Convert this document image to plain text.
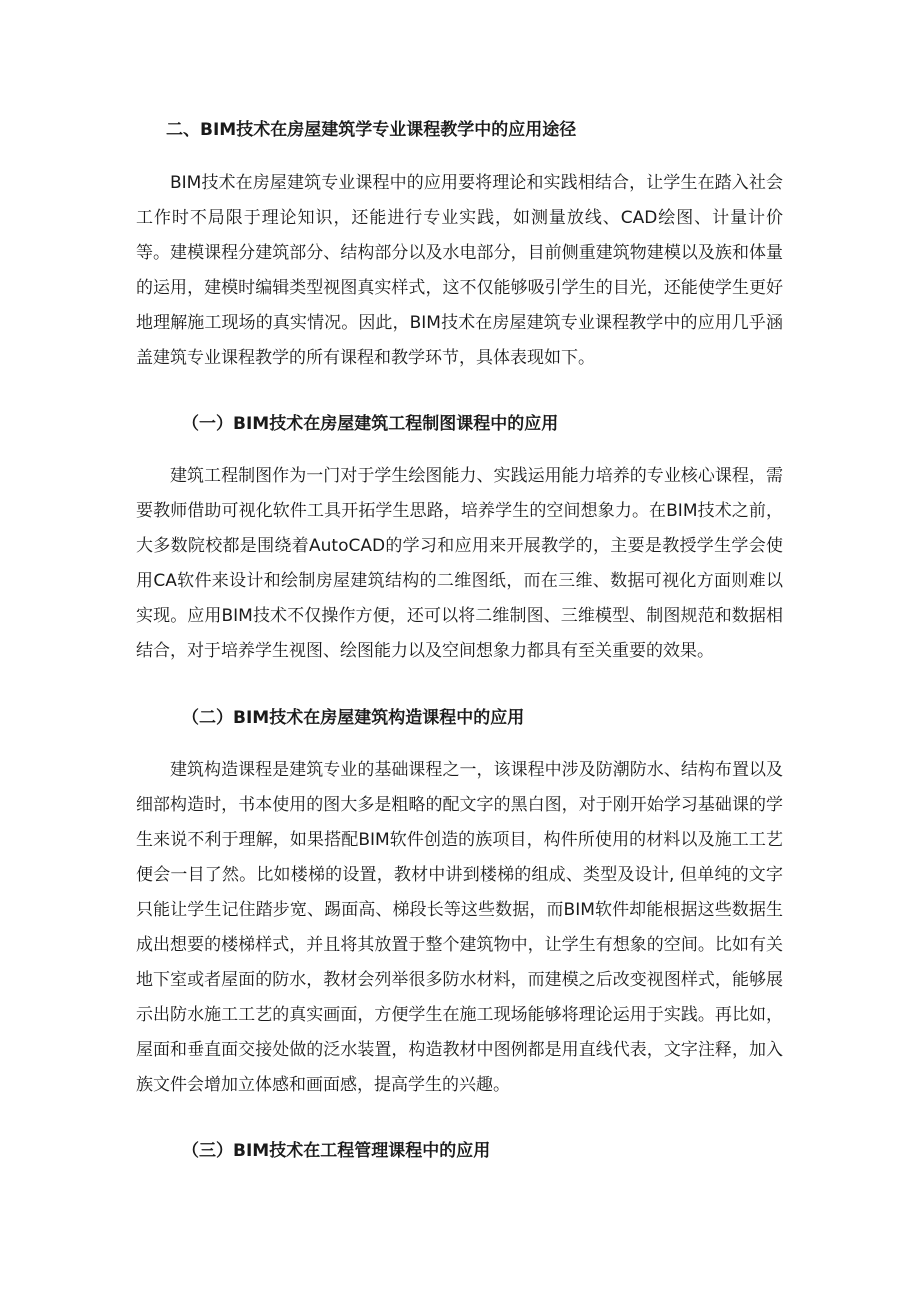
二、BIM技术在房屋建筑学专业课程教学中的应用途径

BIM技术在房屋建筑专业课程中的应用要将理论和实践相结合，让学生在踏入社会工作时不局限于理论知识，还能进行专业实践，如测量放线、CAD绘图、计量计价等。建模课程分建筑部分、结构部分以及水电部分，目前侧重建筑物建模以及族和体量的运用，建模时编辑类型视图真实样式，这不仅能够吸引学生的目光，还能使学生更好地理解施工现场的真实情况。因此，BIM技术在房屋建筑专业课程教学中的应用几乎涵盖建筑专业课程教学的所有课程和教学环节，具体表现如下。

（一）BIM技术在房屋建筑工程制图课程中的应用

建筑工程制图作为一门对于学生绘图能力、实践运用能力培养的专业核心课程，需要教师借助可视化软件工具开拓学生思路，培养学生的空间想象力。在BIM技术之前，大多数院校都是围绕着AutoCAD的学习和应用来开展教学的，主要是教授学生学会使用CA软件来设计和绘制房屋建筑结构的二维图纸，而在三维、数据可视化方面则难以实现。应用BIM技术不仅操作方便，还可以将二维制图、三维模型、制图规范和数据相结合，对于培养学生视图、绘图能力以及空间想象力都具有至关重要的效果。

（二）BIM技术在房屋建筑构造课程中的应用

建筑构造课程是建筑专业的基础课程之一，该课程中涉及防潮防水、结构布置以及细部构造时，书本使用的图大多是粗略的配文字的黑白图，对于刚开始学习基础课的学生来说不利于理解，如果搭配BIM软件创造的族项目，构件所使用的材料以及施工工艺便会一目了然。比如楼梯的设置，教材中讲到楼梯的组成、类型及设计, 但单纯的文字只能让学生记住踏步宽、踢面高、梯段长等这些数据，而BIM软件却能根据这些数据生成出想要的楼梯样式，并且将其放置于整个建筑物中，让学生有想象的空间。比如有关地下室或者屋面的防水，教材会列举很多防水材料，而建模之后改变视图样式，能够展示出防水施工工艺的真实画面，方便学生在施工现场能够将理论运用于实践。再比如，屋面和垂直面交接处做的泛水装置，构造教材中图例都是用直线代表，文字注释，加入族文件会增加立体感和画面感，提高学生的兴趣。

（三）BIM技术在工程管理课程中的应用
